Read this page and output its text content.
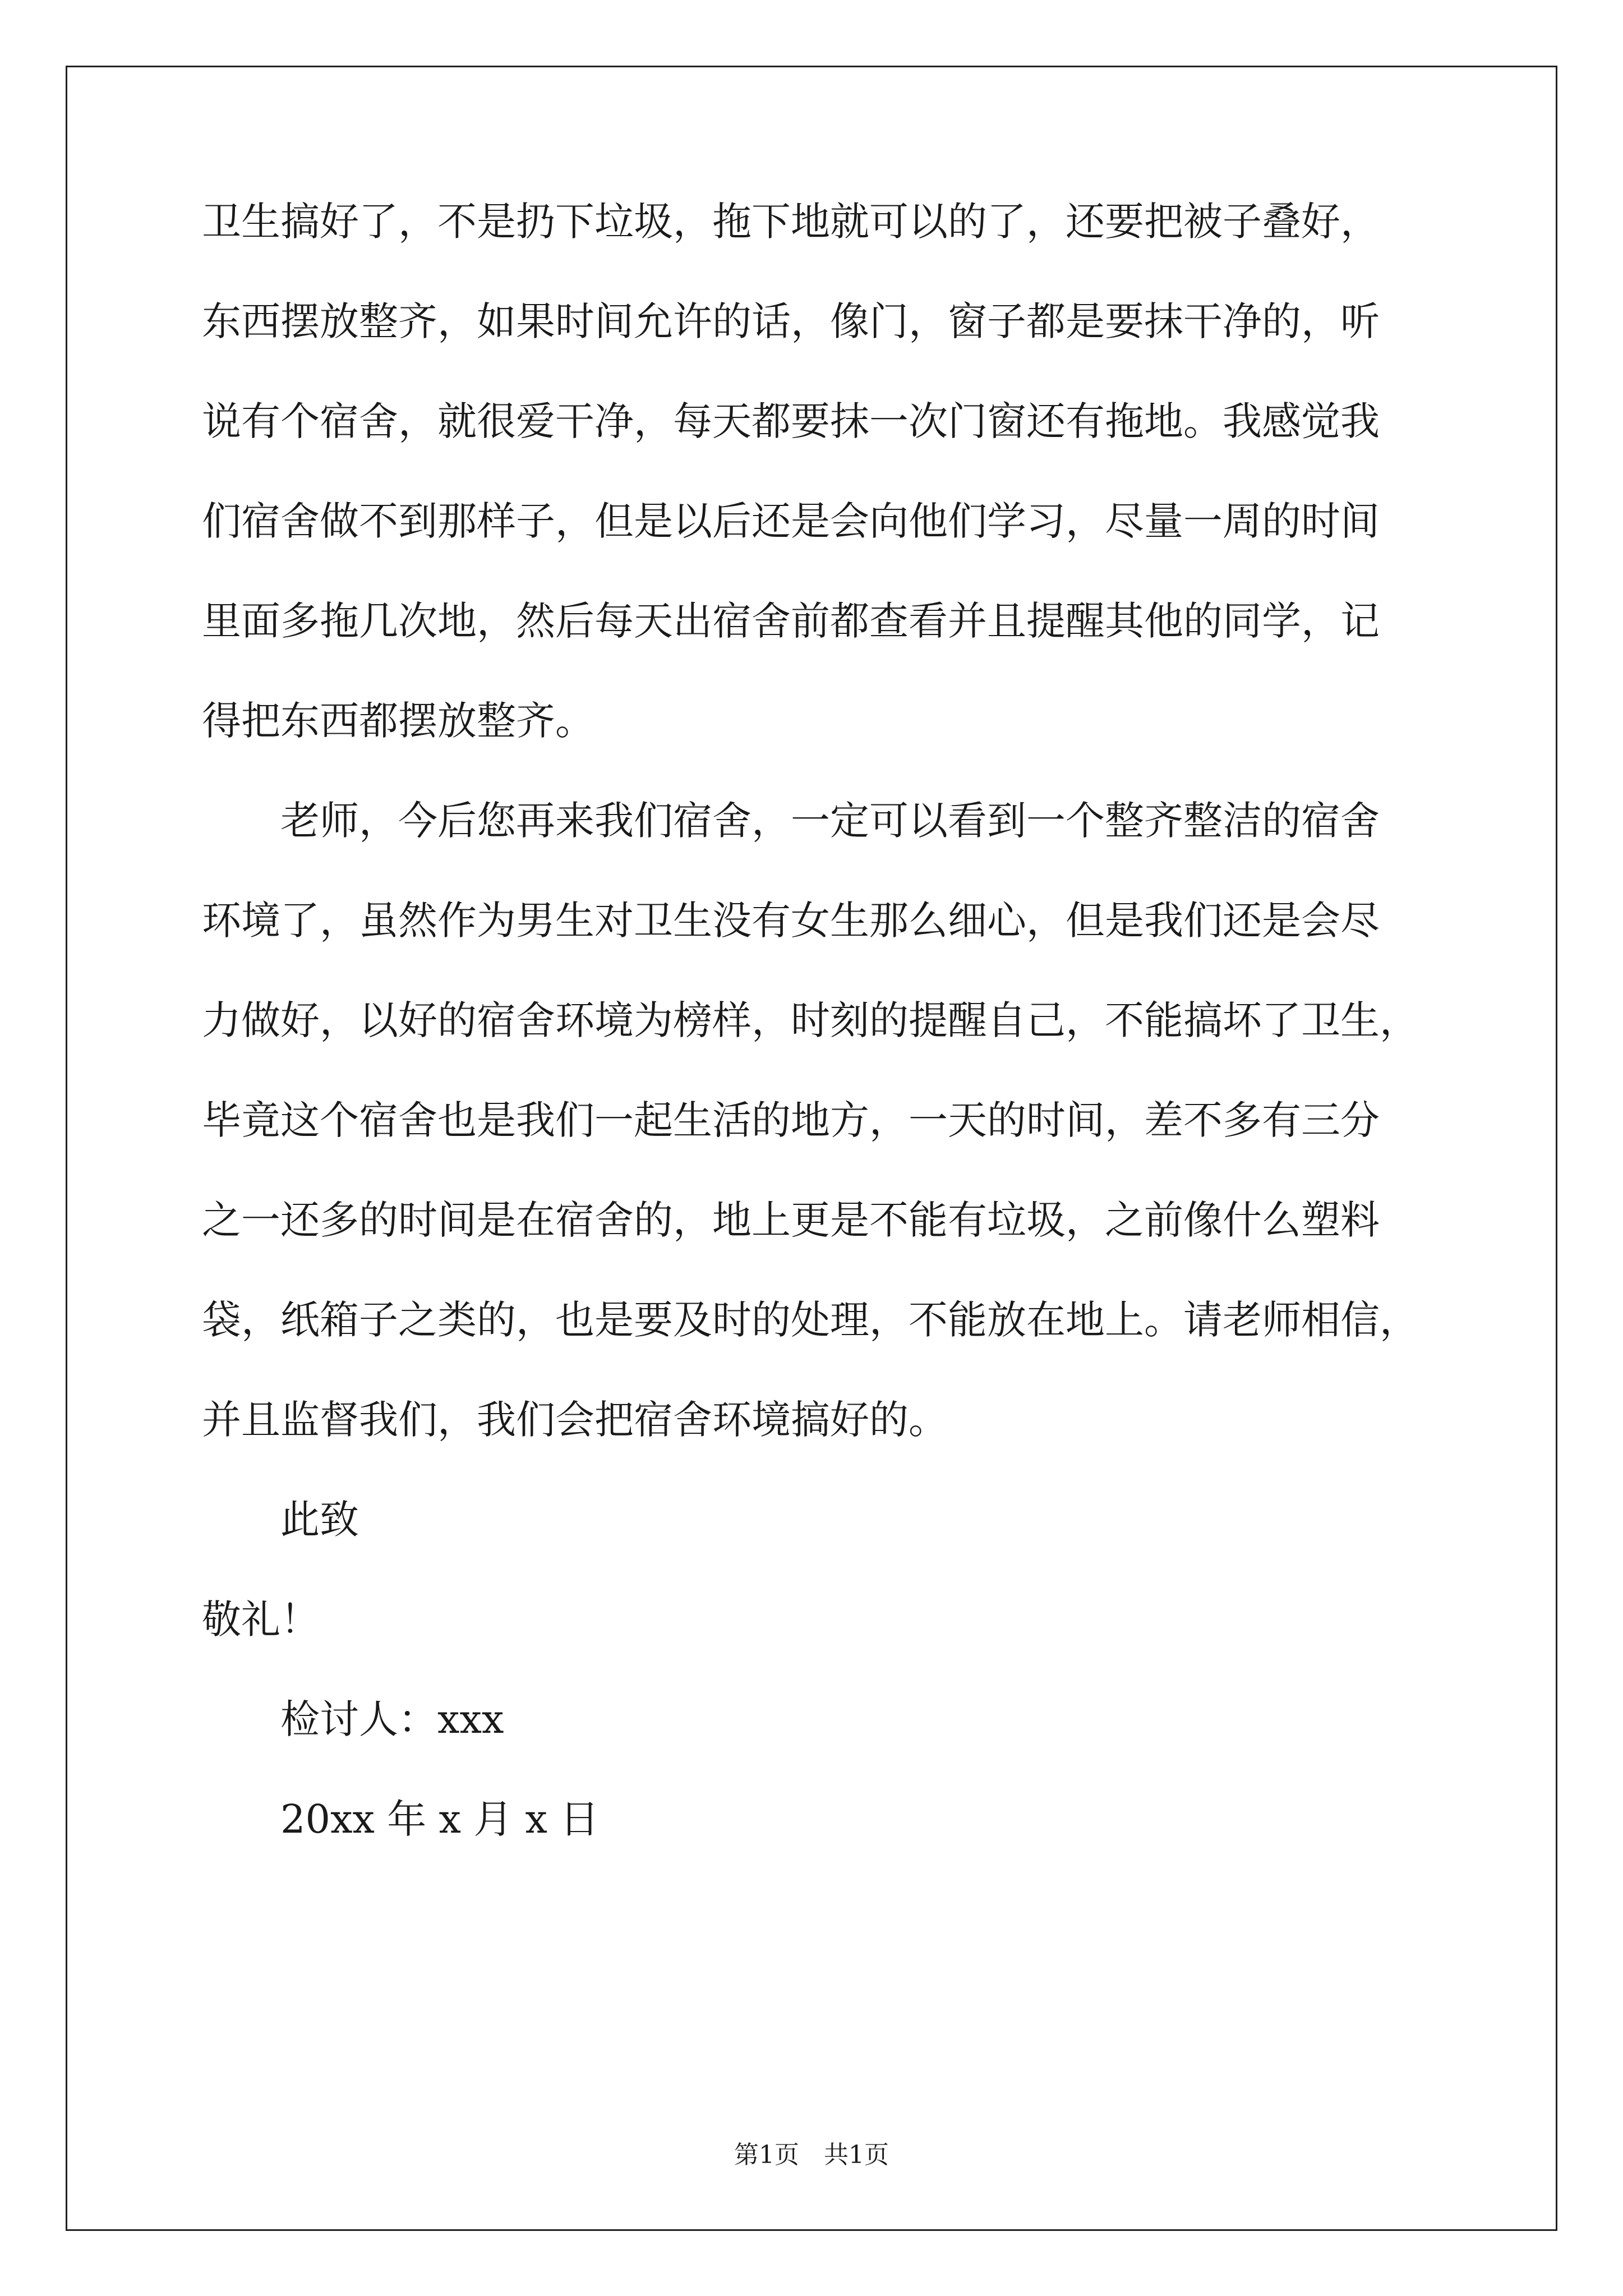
卫生搞好了，不是扔下垃圾，拖下地就可以的了，还要把被子叠好，
东西摆放整齐，如果时间允许的话，像门，窗子都是要抹干净的，听
说有个宿舍，就很爱干净，每天都要抹一次门窗还有拖地。我感觉我
们宿舍做不到那样子，但是以后还是会向他们学习，尽量一周的时间
里面多拖几次地，然后每天出宿舍前都查看并且提醒其他的同学，记
得把东西都摆放整齐。
老师，今后您再来我们宿舍，一定可以看到一个整齐整洁的宿舍
环境了，虽然作为男生对卫生没有女生那么细心，但是我们还是会尽
力做好，以好的宿舍环境为榜样，时刻的提醒自己，不能搞坏了卫生，
毕竟这个宿舍也是我们一起生活的地方，一天的时间，差不多有三分
之一还多的时间是在宿舍的，地上更是不能有垃圾，之前像什么塑料
袋，纸箱子之类的，也是要及时的处理，不能放在地上。请老师相信，
并且监督我们，我们会把宿舍环境搞好的。
此致
敬礼！
检讨人：xxx
20xx 年 x 月 x 日
第1页　共1页
